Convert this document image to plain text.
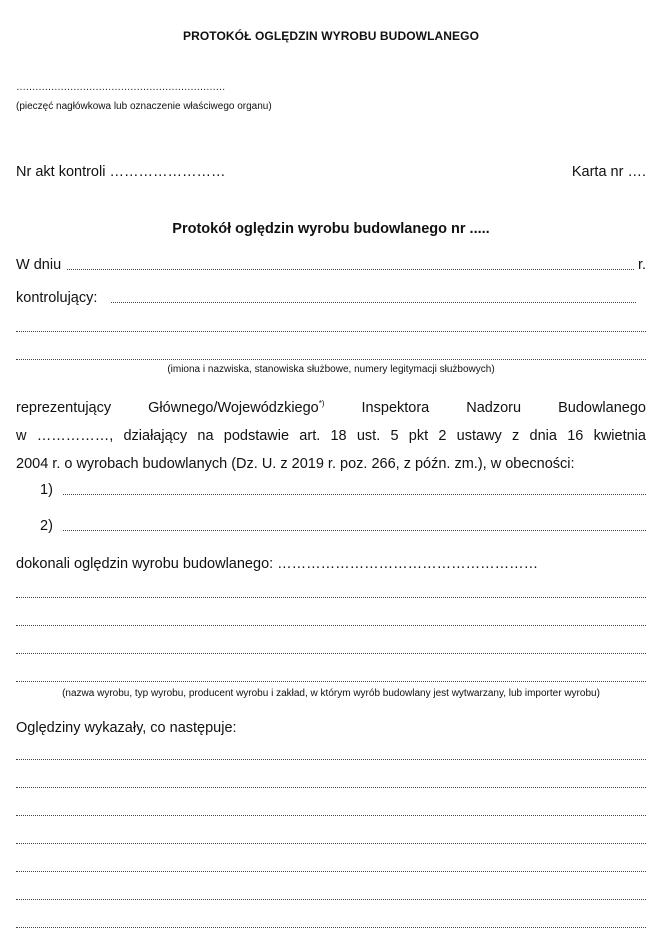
PROTOKÓŁ OGLĘDZIN WYROBU BUDOWLANEGO
…………………………………………………………
(pieczęć nagłówkowa lub oznaczenie właściwego organu)
Nr akt kontroli ……………………	Karta nr ….
Protokół oględzin wyrobu budowlanego nr .....
W dniu	r.
kontrolujący:
(imiona i nazwiska, stanowiska służbowe, numery legitymacji służbowych)
reprezentujący	Głównego/Wojewódzkiego*)	Inspektora	Nadzoru	Budowlanego
w ……………, działający na podstawie art. 18 ust. 5 pkt 2 ustawy z dnia 16 kwietnia
2004 r. o wyrobach budowlanych (Dz. U. z 2019 r. poz. 266, z późn. zm.), w obecności:
1)
2)
dokonali oględzin wyrobu budowlanego: ………………………………………………
(nazwa wyrobu, typ wyrobu, producent wyrobu i zakład, w którym wyrób budowlany jest wytwarzany, lub importer wyrobu)
Oględziny wykazały, co następuje:
